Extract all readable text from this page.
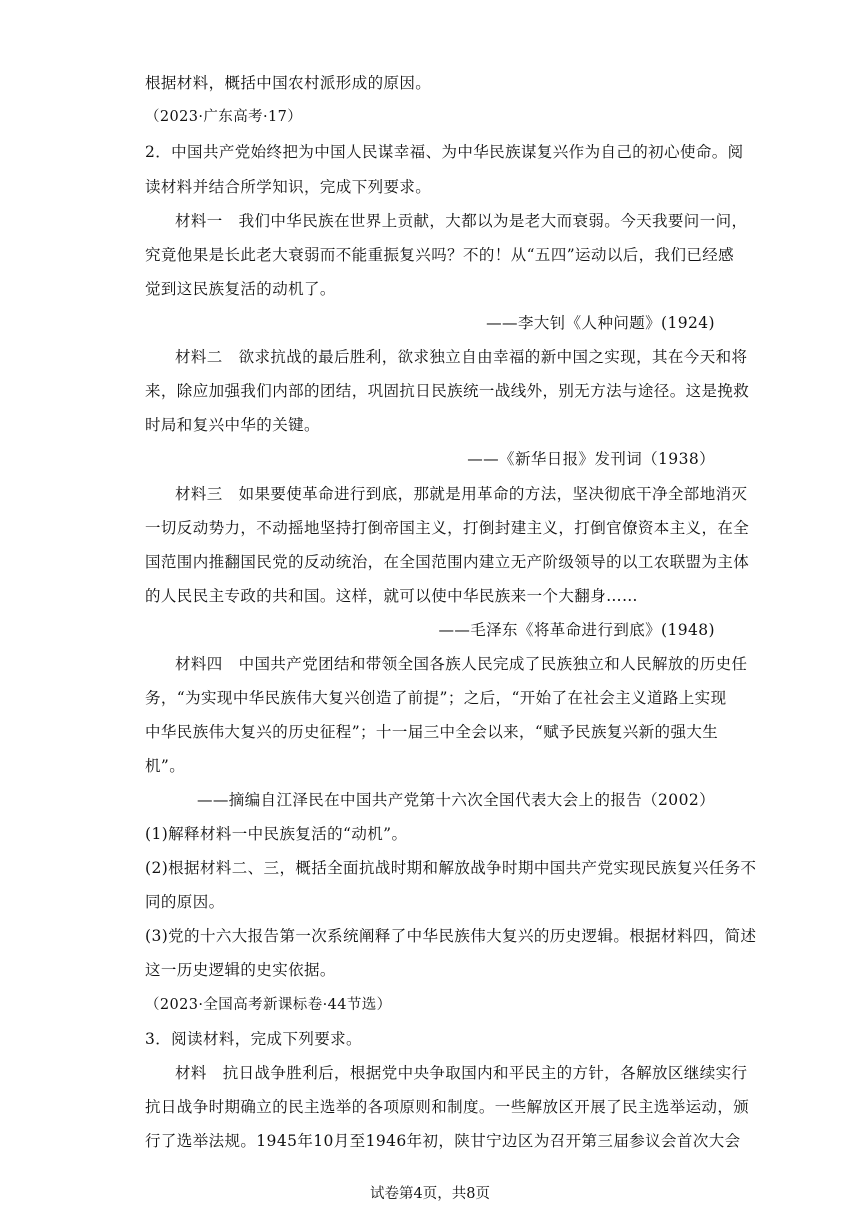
根据材料，概括中国农村派形成的原因。
（2023·广东高考·17）
2．中国共产党始终把为中国人民谋幸福、为中华民族谋复兴作为自己的初心使命。阅
读材料并结合所学知识，完成下列要求。
材料一　我们中华民族在世界上贡献，大都以为是老大而衰弱。今天我要问一问，
究竟他果是长此老大衰弱而不能重振复兴吗？不的！从“五四”运动以后，我们已经感
觉到这民族复活的动机了。
——李大钊《人种问题》(1924)
材料二　欲求抗战的最后胜利，欲求独立自由幸福的新中国之实现，其在今天和将
来，除应加强我们内部的团结，巩固抗日民族统一战线外，别无方法与途径。这是挽救
时局和复兴中华的关键。
——《新华日报》发刊词（1938）
材料三　如果要使革命进行到底，那就是用革命的方法，坚决彻底干净全部地消灭
一切反动势力，不动摇地坚持打倒帝国主义，打倒封建主义，打倒官僚资本主义，在全
国范围内推翻国民党的反动统治，在全国范围内建立无产阶级领导的以工农联盟为主体
的人民民主专政的共和国。这样，就可以使中华民族来一个大翻身……
——毛泽东《将革命进行到底》(1948)
材料四　中国共产党团结和带领全国各族人民完成了民族独立和人民解放的历史任
务，“为实现中华民族伟大复兴创造了前提”；之后，“开始了在社会主义道路上实现
中华民族伟大复兴的历史征程”；十一届三中全会以来，“赋予民族复兴新的强大生
机”。
——摘编自江泽民在中国共产党第十六次全国代表大会上的报告（2002）
(1)解释材料一中民族复活的“动机”。
(2)根据材料二、三，概括全面抗战时期和解放战争时期中国共产党实现民族复兴任务不
同的原因。
(3)党的十六大报告第一次系统阐释了中华民族伟大复兴的历史逻辑。根据材料四，简述
这一历史逻辑的史实依据。
（2023·全国高考新课标卷·44节选）
3．阅读材料，完成下列要求。
材料　抗日战争胜利后，根据党中央争取国内和平民主的方针，各解放区继续实行
抗日战争时期确立的民主选举的各项原则和制度。一些解放区开展了民主选举运动，颁
行了选举法规。1945年10月至1946年初，陕甘宁边区为召开第三届参议会首次大会
试卷第4页，共8页
